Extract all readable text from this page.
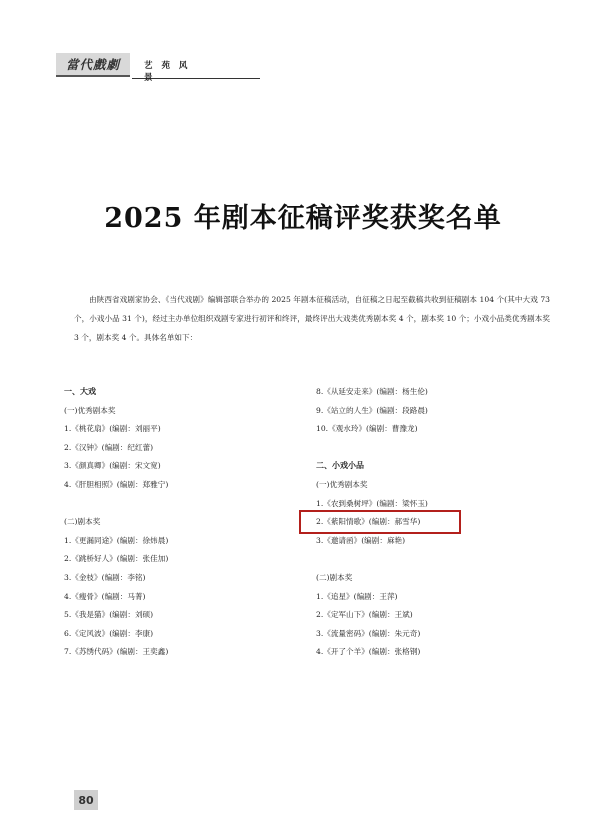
當代戲劇	艺 苑 风 景
2025 年剧本征稿评奖获奖名单
由陕西省戏剧家协会、《当代戏剧》编辑部联合举办的 2025 年剧本征稿活动，自征稿之日起至截稿共收到征稿剧本 104 个(其中大戏 73 个，小戏小品 31 个)，经过主办单位组织戏剧专家进行初评和终评，最终评出大戏类优秀剧本奖 4 个，剧本奖 10 个；小戏小品类优秀剧本奖 3 个，剧本奖 4 个。具体名单如下：
一、大戏
(一)优秀剧本奖
1.《桃花扇》(编剧：刘丽平)
2.《汉钟》(编剧：纪红蕾)
3.《颜真卿》(编剧：宋文宽)
4.《肝胆相照》(编剧：郑雅宁)
(二)剧本奖
1.《更漏同途》(编剧：徐炜晨)
2.《跳桥好人》(编剧：张佳加)
3.《金枝》(编剧：李铭)
4.《瘦骨》(编剧：马菁)
5.《我是猫》(编剧：刘硕)
6.《定风波》(编剧：李康)
7.《苏绣代码》(编剧：王奕鑫)
8.《从延安走来》(编剧：杨生伦)
9.《站立的人生》(编剧：段路晨)
10.《观水玲》(编剧：曹豫龙)
二、小戏小品
(一)优秀剧本奖
1.《农到桑树坪》(编剧：梁怀玉)
2.《紫阳情歌》(编剧：郝雪华)
3.《邀请函》(编剧：麻艳)
(二)剧本奖
1.《追星》(编剧：王萍)
2.《定军山下》(编剧：王斌)
3.《流量密码》(编剧：朱元奇)
4.《开了个羊》(编剧：张格钢)
80
